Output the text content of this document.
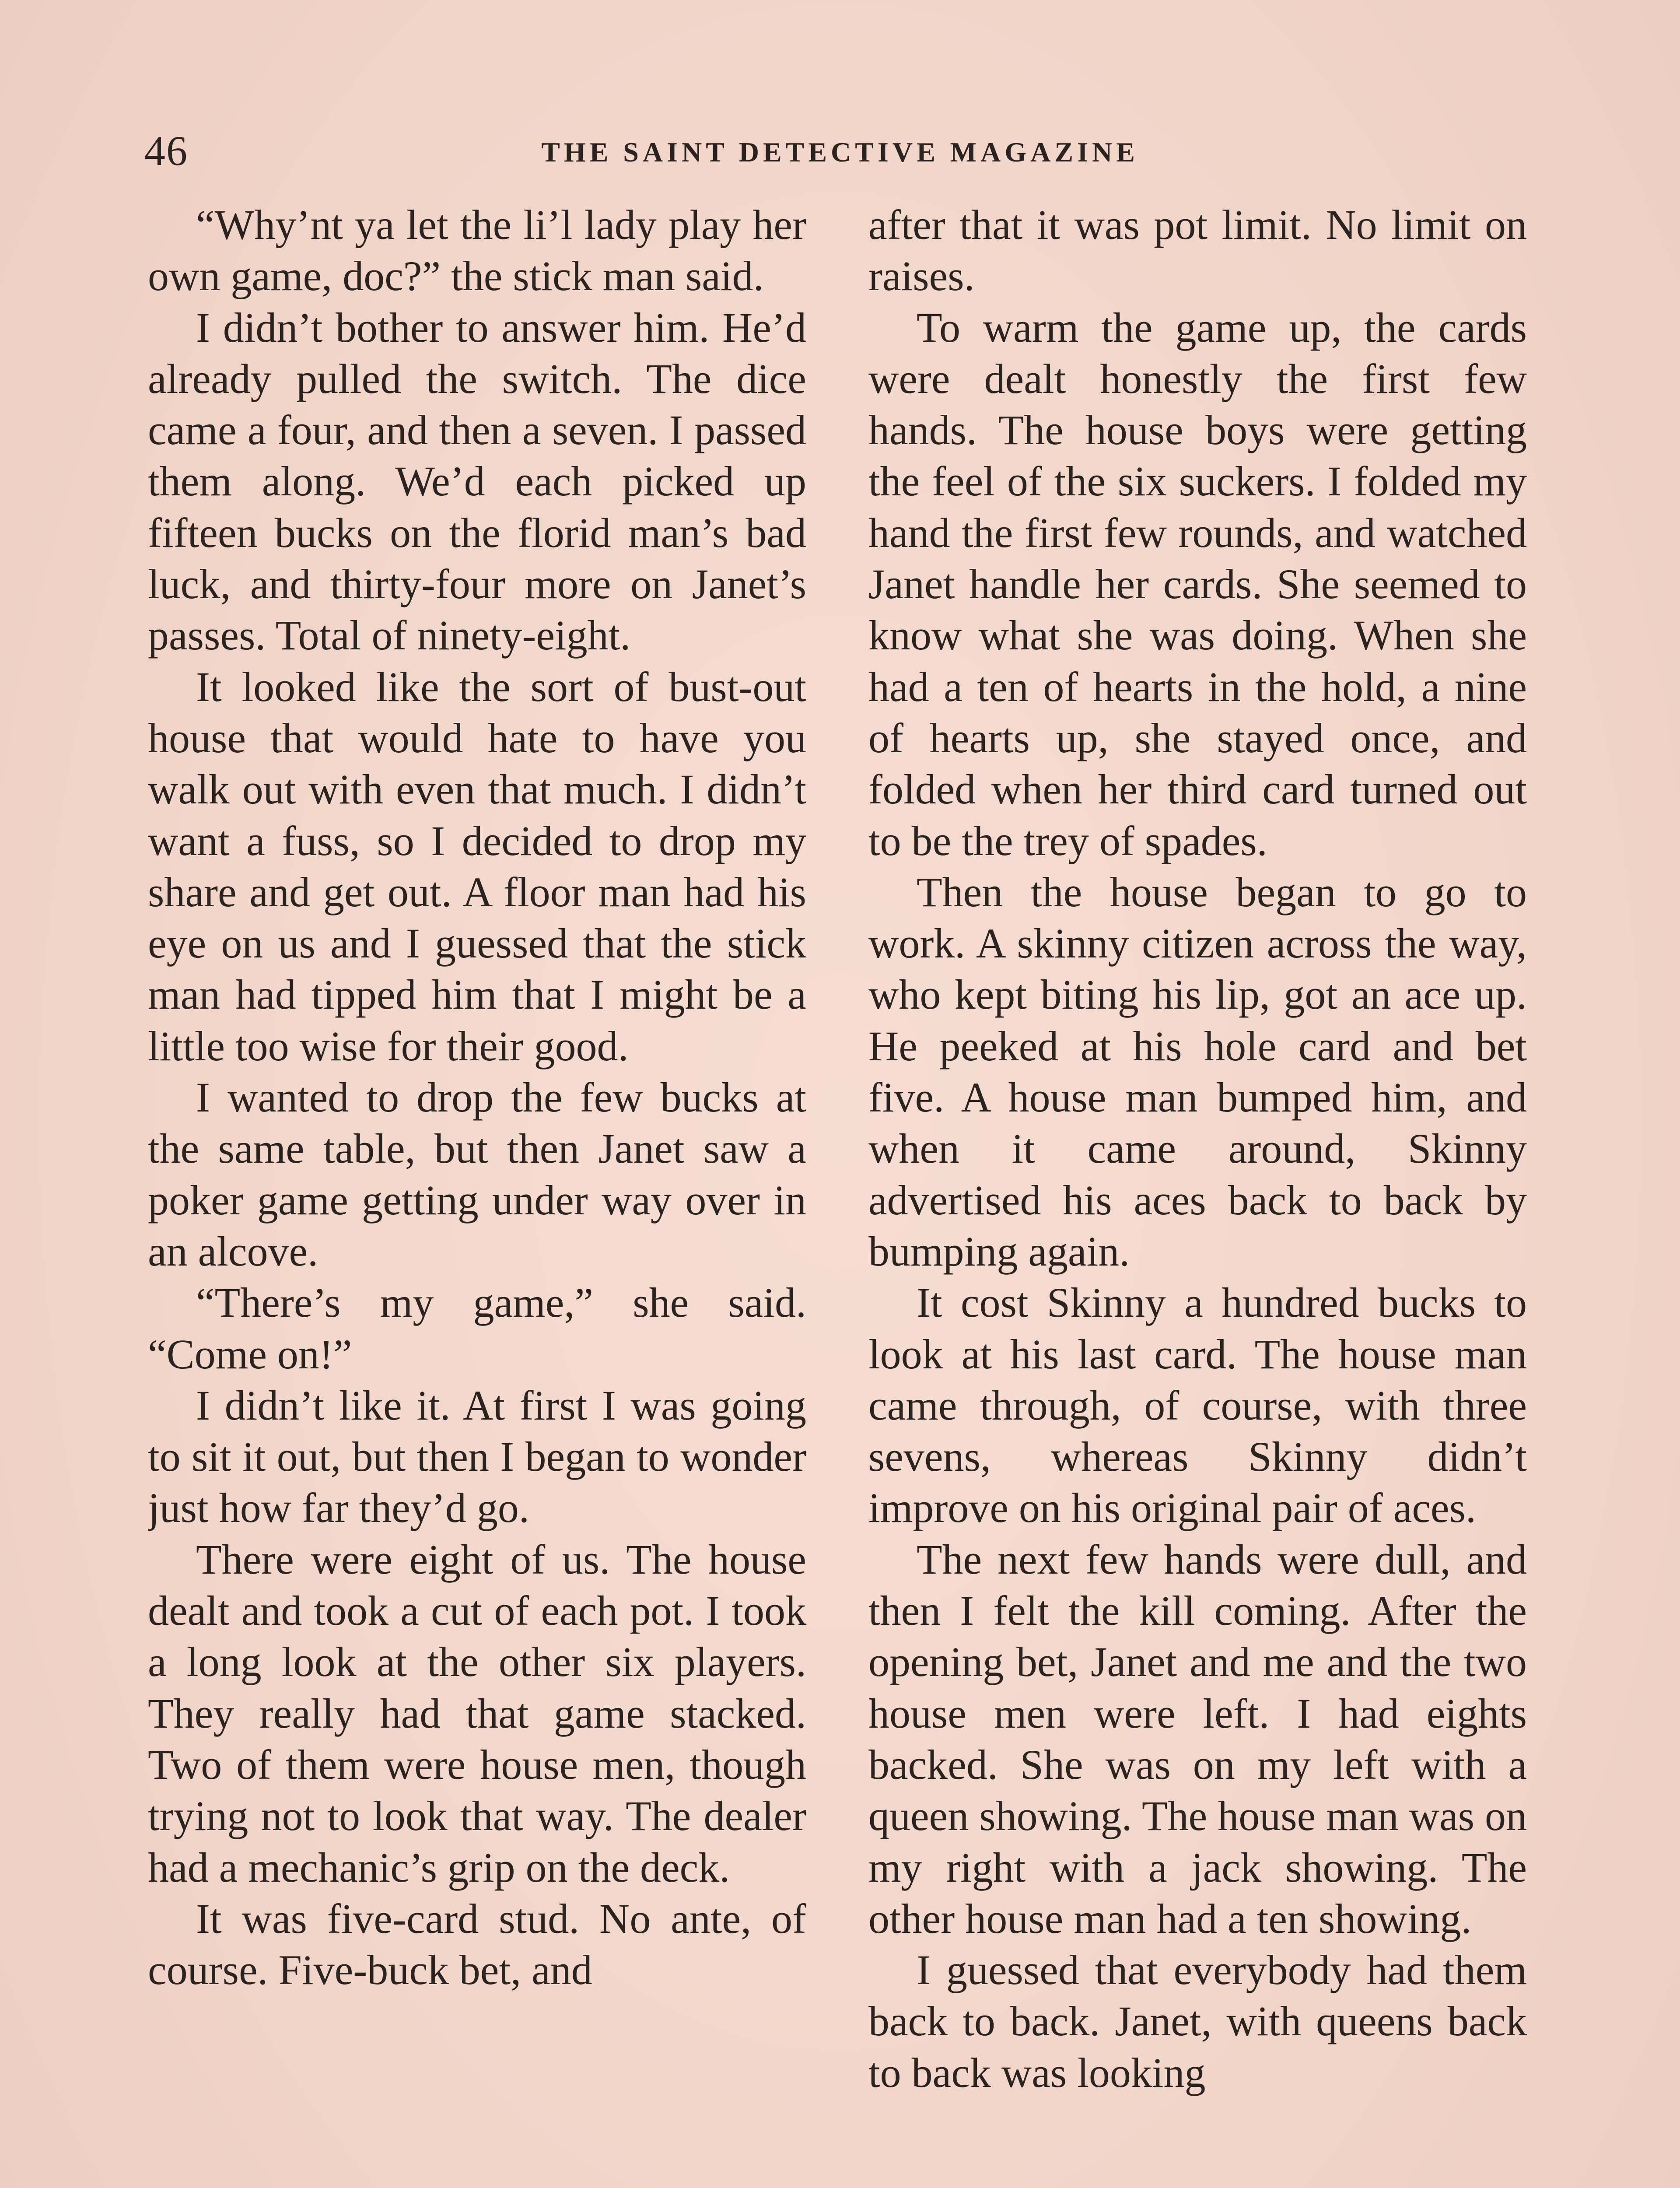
46	THE SAINT DETECTIVE MAGAZINE

“Why’nt ya let the li’l lady play her own game, doc?” the stick man said.

I didn’t bother to answer him. He’d already pulled the switch. The dice came a four, and then a seven. I passed them along. We’d each picked up fifteen bucks on the florid man’s bad luck, and thirty-four more on Janet’s passes. Total of ninety-eight.

It looked like the sort of bust-out house that would hate to have you walk out with even that much. I didn’t want a fuss, so I decided to drop my share and get out. A floor man had his eye on us and I guessed that the stick man had tipped him that I might be a little too wise for their good.

I wanted to drop the few bucks at the same table, but then Janet saw a poker game getting under way over in an alcove.

“There’s my game,” she said. “Come on!”

I didn’t like it. At first I was going to sit it out, but then I began to wonder just how far they’d go.

There were eight of us. The house dealt and took a cut of each pot. I took a long look at the other six players. They really had that game stacked. Two of them were house men, though trying not to look that way. The dealer had a mechanic’s grip on the deck.

It was five-card stud. No ante, of course. Five-buck bet, and

after that it was pot limit. No limit on raises.

To warm the game up, the cards were dealt honestly the first few hands. The house boys were getting the feel of the six suckers. I folded my hand the first few rounds, and watched Janet handle her cards. She seemed to know what she was doing. When she had a ten of hearts in the hold, a nine of hearts up, she stayed once, and folded when her third card turned out to be the trey of spades.

Then the house began to go to work. A skinny citizen across the way, who kept biting his lip, got an ace up. He peeked at his hole card and bet five. A house man bumped him, and when it came around, Skinny advertised his aces back to back by bumping again.

It cost Skinny a hundred bucks to look at his last card. The house man came through, of course, with three sevens, whereas Skinny didn’t improve on his original pair of aces.

The next few hands were dull, and then I felt the kill coming. After the opening bet, Janet and me and the two house men were left. I had eights backed. She was on my left with a queen showing. The house man was on my right with a jack showing. The other house man had a ten showing.

I guessed that everybody had them back to back. Janet, with queens back to back was looking
